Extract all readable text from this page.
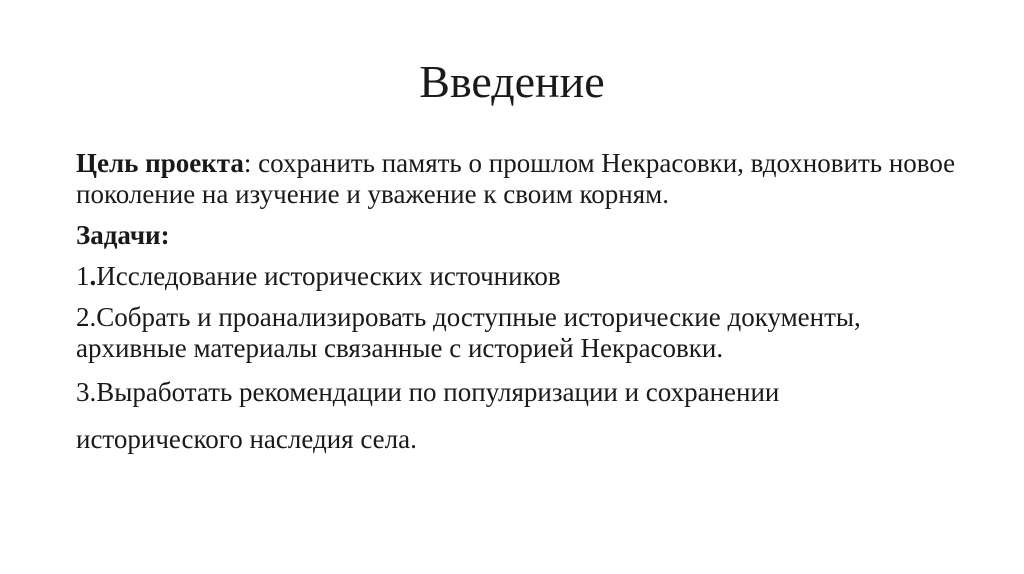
Введение

Цель проекта: сохранить память о прошлом Некрасовки, вдохновить новое поколение на изучение и уважение к своим корням.

Задачи:

1.Исследование исторических источников

2.Собрать и проанализировать доступные исторические документы, архивные материалы связанные с историей Некрасовки.

3.Выработать рекомендации по популяризации и сохранении

исторического наследия села.
